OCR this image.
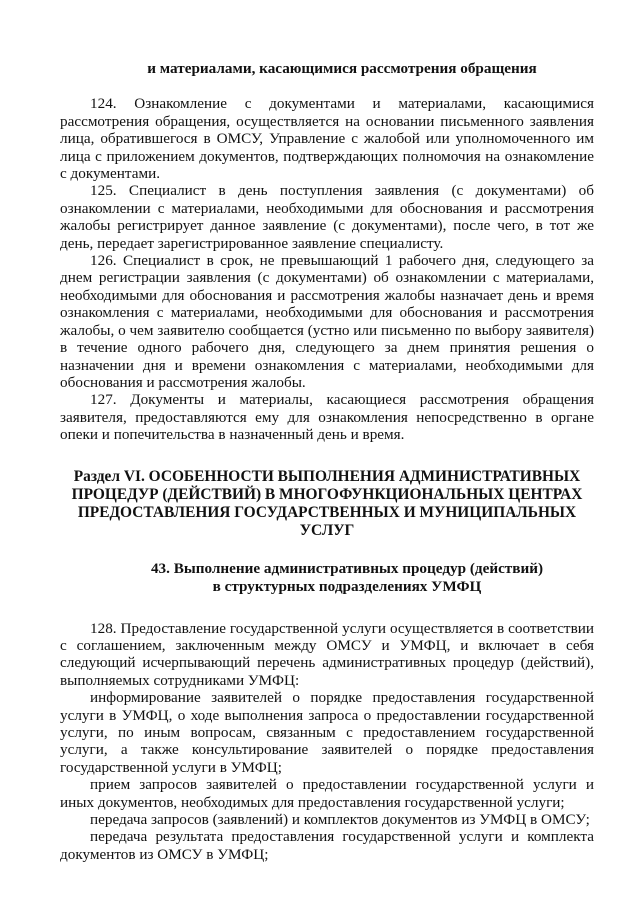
и материалами, касающимися рассмотрения обращения

124. Ознакомление с документами и материалами, касающимися рассмотрения обращения, осуществляется на основании письменного заявления лица, обратившегося в ОМСУ, Управление с жалобой или уполномоченного им лица с приложением документов, подтверждающих полномочия на ознакомление с документами.

125. Специалист в день поступления заявления (с документами) об ознакомлении с материалами, необходимыми для обоснования и рассмотрения жалобы регистрирует данное заявление (с документами), после чего, в тот же день, передает зарегистрированное заявление специалисту.

126. Специалист в срок, не превышающий 1 рабочего дня, следующего за днем регистрации заявления (с документами) об ознакомлении с материалами, необходимыми для обоснования и рассмотрения жалобы назначает день и время ознакомления с материалами, необходимыми для обоснования и рассмотрения жалобы, о чем заявителю сообщается (устно или письменно по выбору заявителя) в течение одного рабочего дня, следующего за днем принятия решения о назначении дня и времени ознакомления с материалами, необходимыми для обоснования и рассмотрения жалобы.

127. Документы и материалы, касающиеся рассмотрения обращения заявителя, предоставляются ему для ознакомления непосредственно в органе опеки и попечительства в назначенный день и время.

Раздел VI. ОСОБЕННОСТИ ВЫПОЛНЕНИЯ АДМИНИСТРАТИВНЫХ ПРОЦЕДУР (ДЕЙСТВИЙ) В МНОГОФУНКЦИОНАЛЬНЫХ ЦЕНТРАХ ПРЕДОСТАВЛЕНИЯ ГОСУДАРСТВЕННЫХ И МУНИЦИПАЛЬНЫХ УСЛУГ
43. Выполнение административных процедур (действий)
в структурных подразделениях УМФЦ

128. Предоставление государственной услуги осуществляется в соответствии с соглашением, заключенным между ОМСУ и УМФЦ, и включает в себя следующий исчерпывающий перечень административных процедур (действий), выполняемых сотрудниками УМФЦ:

информирование заявителей о порядке предоставления государственной услуги в УМФЦ, о ходе выполнения запроса о предоставлении государственной услуги, по иным вопросам, связанным с предоставлением государственной услуги, а также консультирование заявителей о порядке предоставления государственной услуги в УМФЦ;

прием запросов заявителей о предоставлении государственной услуги и иных документов, необходимых для предоставления государственной услуги;

передача запросов (заявлений) и комплектов документов из УМФЦ в ОМСУ;

передача результата предоставления государственной услуги и комплекта документов из ОМСУ в УМФЦ;
